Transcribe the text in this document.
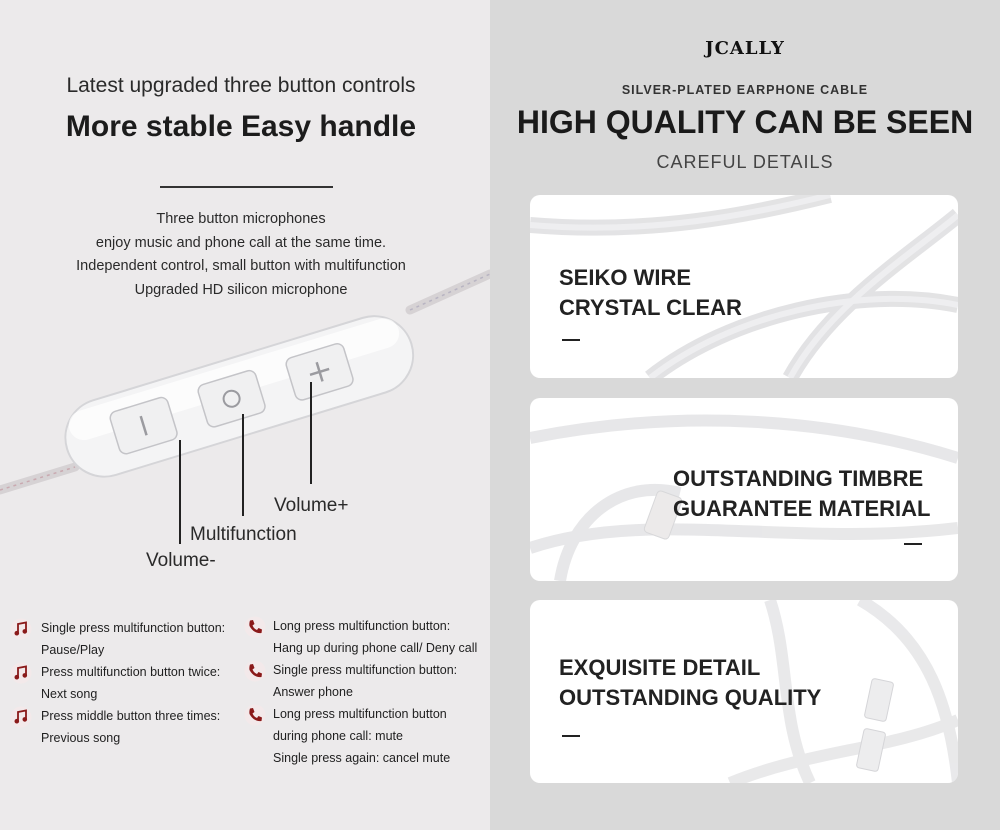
Latest upgraded three button controls
More stable Easy handle
Three button microphones
enjoy music and phone call at the same time.
Independent control, small button with multifunction
Upgraded HD silicon microphone
Volume+
Multifunction
Volume-
Single press multifunction button:
Pause/Play
Press multifunction button twice:
Next song
Press middle button three times:
Previous song
Long press multifunction button:
Hang up during phone call/ Deny call
Single press multifunction button:
Answer phone
Long press multifunction button
during phone call: mute
Single press again: cancel mute
JCALLY
SILVER-PLATED EARPHONE CABLE
HIGH QUALITY CAN BE SEEN
CAREFUL DETAILS
SEIKO WIRE
CRYSTAL CLEAR
OUTSTANDING TIMBRE
GUARANTEE MATERIAL
EXQUISITE DETAIL
OUTSTANDING QUALITY
